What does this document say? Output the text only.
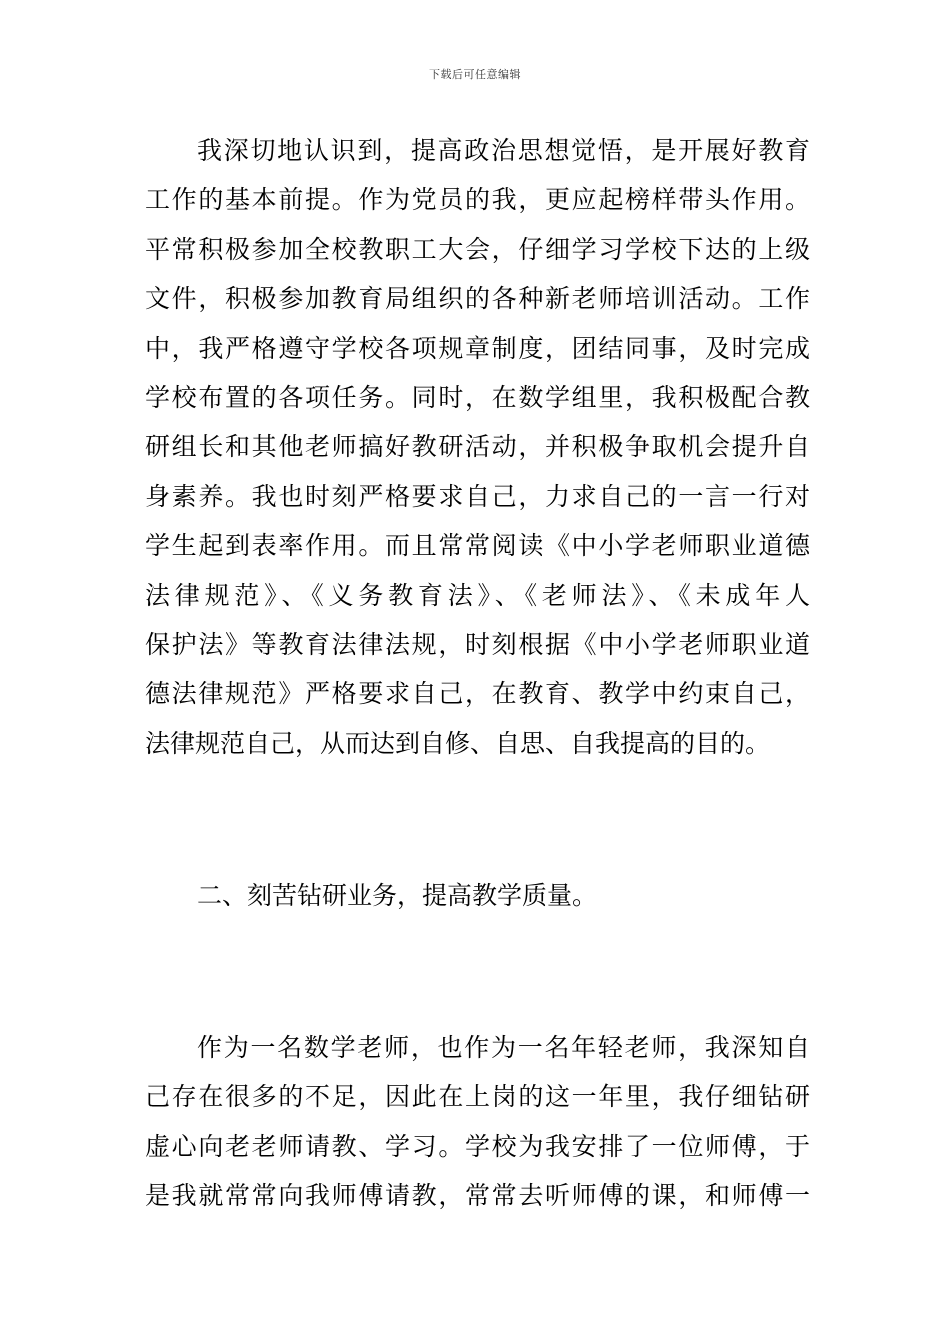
下载后可任意编辑
我深切地认识到，提高政治思想觉悟，是开展好教育
工作的基本前提。作为党员的我，更应起榜样带头作用。
平常积极参加全校教职工大会，仔细学习学校下达的上级
文件，积极参加教育局组织的各种新老师培训活动。工作
中，我严格遵守学校各项规章制度，团结同事，及时完成
学校布置的各项任务。同时，在数学组里，我积极配合教
研组长和其他老师搞好教研活动，并积极争取机会提升自
身素养。我也时刻严格要求自己，力求自己的一言一行对
学生起到表率作用。而且常常阅读《中小学老师职业道德
法律规范》、《义务教育法》、《老师法》、《未成年人
保护法》等教育法律法规，时刻根据《中小学老师职业道
德法律规范》严格要求自己，在教育、教学中约束自己，
法律规范自己，从而达到自修、自思、自我提高的目的。
二、刻苦钻研业务，提高教学质量。
作为一名数学老师，也作为一名年轻老师，我深知自
己存在很多的不足，因此在上岗的这一年里，我仔细钻研
虚心向老老师请教、学习。学校为我安排了一位师傅，于
是我就常常向我师傅请教，常常去听师傅的课，和师傅一
